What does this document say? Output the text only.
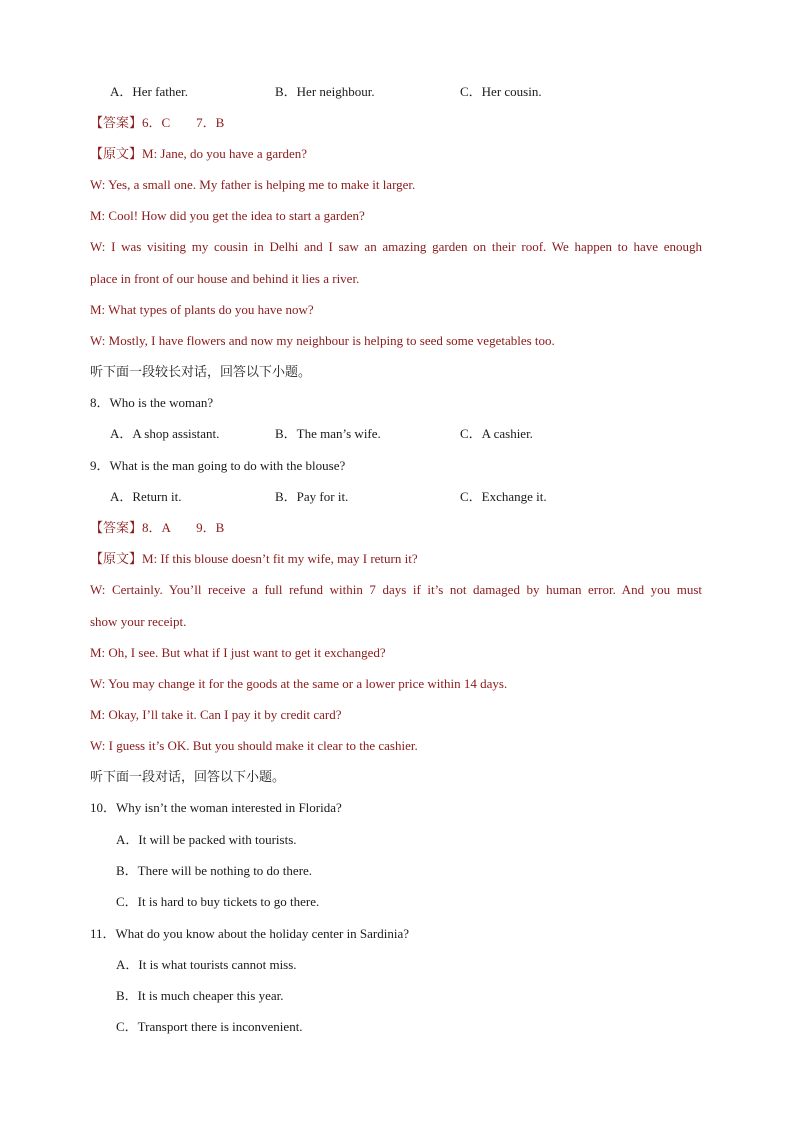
A．Her father.	B．Her neighbour.	C．Her cousin.
【答案】6．C　　7．B
【原文】M: Jane, do you have a garden?
W: Yes, a small one. My father is helping me to make it larger.
M: Cool! How did you get the idea to start a garden?
W: I was visiting my cousin in Delhi and I saw an amazing garden on their roof. We happen to have enough
place in front of our house and behind it lies a river.
M: What types of plants do you have now?
W: Mostly, I have flowers and now my neighbour is helping to seed some vegetables too.
听下面一段较长对话，回答以下小题。
8．Who is the woman?
A．A shop assistant.	B．The man’s wife.	C．A cashier.
9．What is the man going to do with the blouse?
A．Return it.	B．Pay for it.	C．Exchange it.
【答案】8．A　　9．B
【原文】M: If this blouse doesn’t fit my wife, may I return it?
W: Certainly. You’ll receive a full refund within 7 days if it’s not damaged by human error. And you must
show your receipt.
M: Oh, I see. But what if I just want to get it exchanged?
W: You may change it for the goods at the same or a lower price within 14 days.
M: Okay, I’ll take it. Can I pay it by credit card?
W: I guess it’s OK. But you should make it clear to the cashier.
听下面一段对话，回答以下小题。
10．Why isn’t the woman interested in Florida?
A．It will be packed with tourists.
B．There will be nothing to do there.
C．It is hard to buy tickets to go there.
11．What do you know about the holiday center in Sardinia?
A．It is what tourists cannot miss.
B．It is much cheaper this year.
C．Transport there is inconvenient.
